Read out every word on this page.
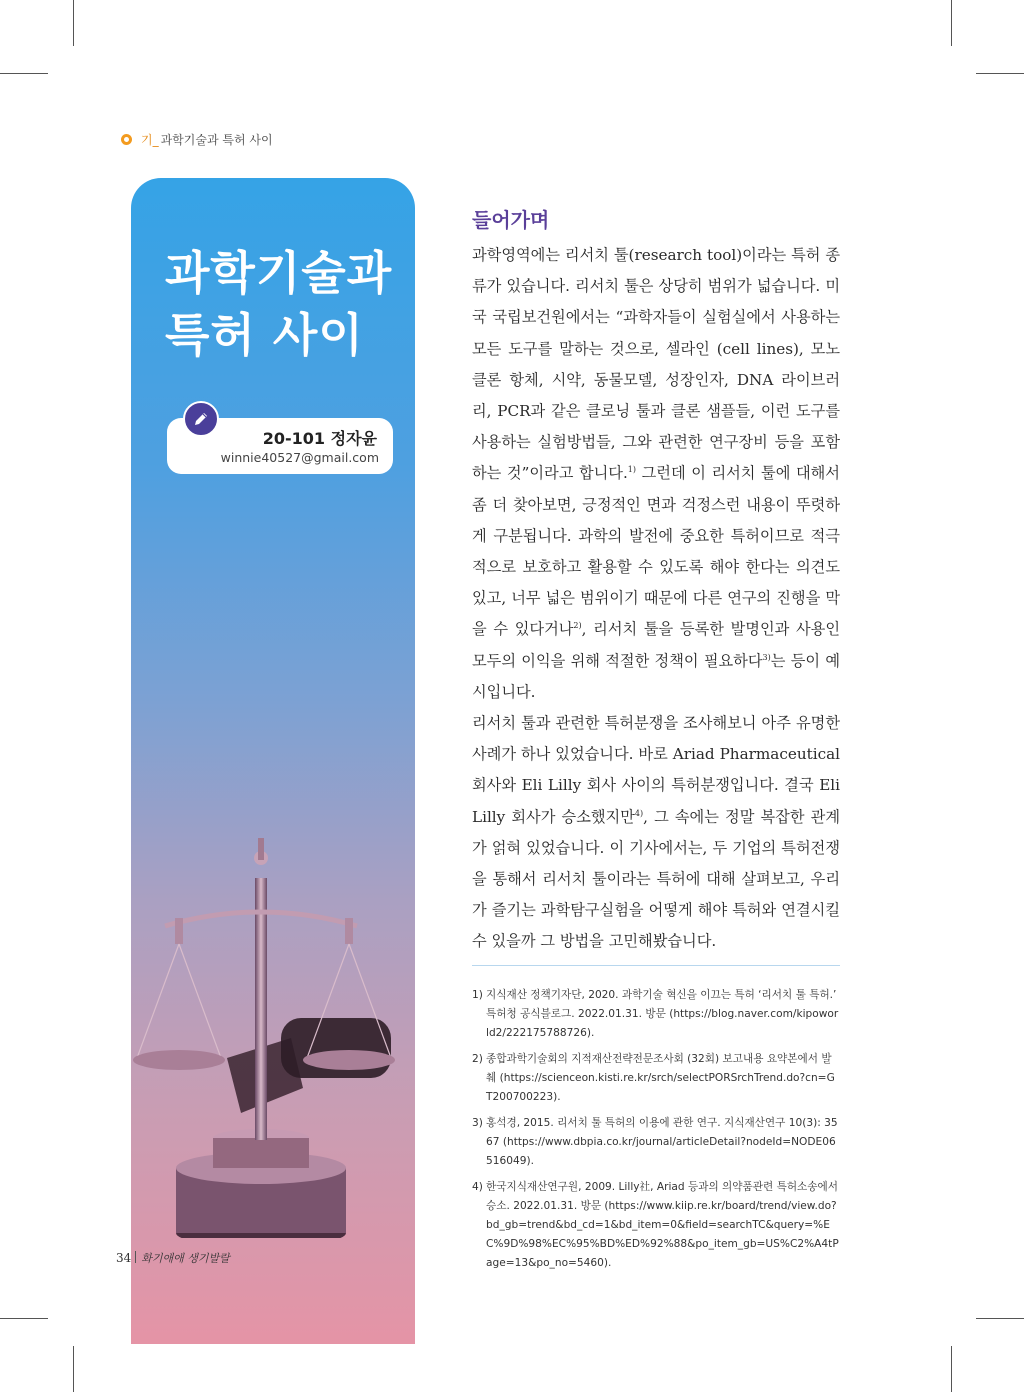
기_ 과학기술과 특허 사이
과학기술과
특허 사이
20-101 정자윤
winnie40527@gmail.com
34 화기애애 생기발랄
들어가며

과학영역에는 리서치 툴(research tool)이라는 특허 종류가 있습니다. 리서치 툴은 상당히 범위가 넓습니다. 미국 국립보건원에서는 “과학자들이 실험실에서 사용하는 모든 도구를 말하는 것으로, 셀라인 (cell lines), 모노클론 항체, 시약, 동물모델, 성장인자, DNA 라이브러리, PCR과 같은 클로닝 툴과 클론 샘플들, 이런 도구를 사용하는 실험방법들, 그와 관련한 연구장비 등을 포함하는 것”이라고 합니다.$^{1)}$ 그런데 이 리서치 툴에 대해서 좀 더 찾아보면, 긍정적인 면과 걱정스런 내용이 뚜렷하게 구분됩니다. 과학의 발전에 중요한 특허이므로 적극적으로 보호하고 활용할 수 있도록 해야 한다는 의견도 있고, 너무 넓은 범위이기 때문에 다른 연구의 진행을 막을 수 있다거나$^{2)}$, 리서치 툴을 등록한 발명인과 사용인 모두의 이익을 위해 적절한 정책이 필요하다$^{3)}$는 등이 예시입니다.

리서치 툴과 관련한 특허분쟁을 조사해보니 아주 유명한 사례가 하나 있었습니다. 바로 Ariad Pharmaceutical 회사와 Eli Lilly 회사 사이의 특허분쟁입니다. 결국 Eli Lilly 회사가 승소했지만$^{4)}$, 그 속에는 정말 복잡한 관계가 얽혀 있었습니다. 이 기사에서는, 두 기업의 특허전쟁을 통해서 리서치 툴이라는 특허에 대해 살펴보고, 우리가 즐기는 과학탐구실험을 어떻게 해야 특허와 연결시킬 수 있을까 그 방법을 고민해봤습니다.

1) 지식재산 정책기자단, 2020. 과학기술 혁신을 이끄는 특허 ‘리서치 툴 특허.’ 특허청 공식블로그. 2022.01.31. 방문 (https://blog.naver.com/kipoworld2/222175788726).
2) 종합과학기술회의 지적재산전략전문조사회 (32회) 보고내용 요약본에서 발췌 (https://scienceon.kisti.re.kr/srch/selectPORSrchTrend.do?cn=GT200700223).
3) 홍석경, 2015. 리서치 툴 특허의 이용에 관한 연구. 지식재산연구 10(3): 35 67 (https://www.dbpia.co.kr/journal/articleDetail?nodeId=NODE06516049).
4) 한국지식재산연구원, 2009. Lilly社, Ariad 등과의 의약품관련 특허소송에서 승소. 2022.01.31. 방문 (https://www.kiip.re.kr/board/trend/view.do?bd_gb=trend&bd_cd=1&bd_item=0&field=searchTC&query=%EC%9D%98%EC%95%BD%ED%92%88&po_item_gb=US%C2%A4tPage=13&po_no=5460).
